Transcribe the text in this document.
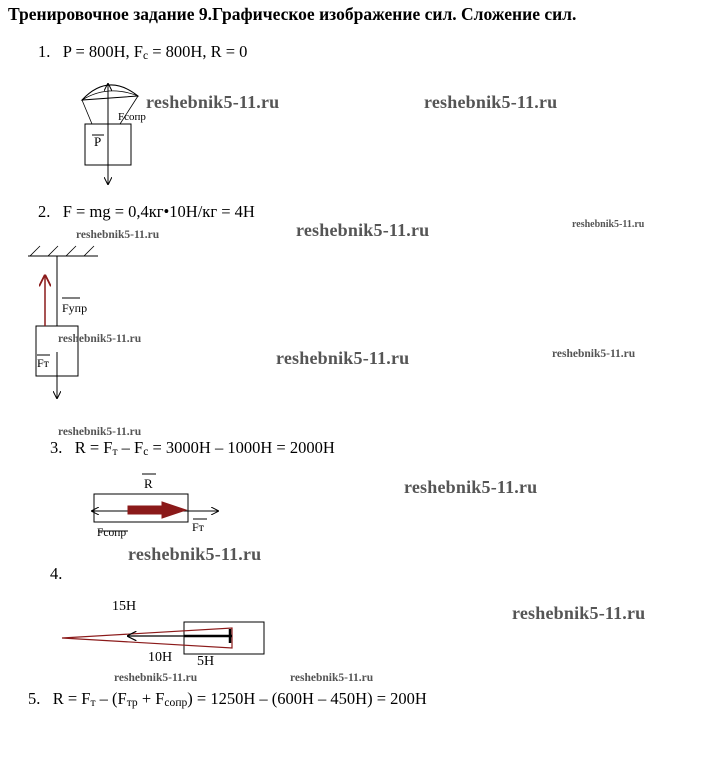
Тренировочное задание 9.Графическое изображение сил. Сложение сил.
1. P = 800H, $F_c = 800H$, R = 0
2. F = mg = 0,4кг•10H/кг = 4H
3. $R = F_т - F_c = 3000H - 1000H = 2000H$
4.
5. $R = F_т - (F_{тр} + F_{сопр}) = 1250H - (600H - 450H) = 200H$
P
Fсопр
Fупр
Fт
R
Fсопр	Fт
15H
10H 5H
reshebnik5-11.ru	reshebnik5-11.ru
reshebnik5-11.ru	reshebnik5-11.ru	reshebnik5-11.ru
reshebnik5-11.ru
reshebnik5-11.ru	reshebnik5-11.ru
reshebnik5-11.ru
reshebnik5-11.ru
reshebnik5-11.ru
reshebnik5-11.ru
reshebnik5-11.ru	reshebnik5-11.ru
